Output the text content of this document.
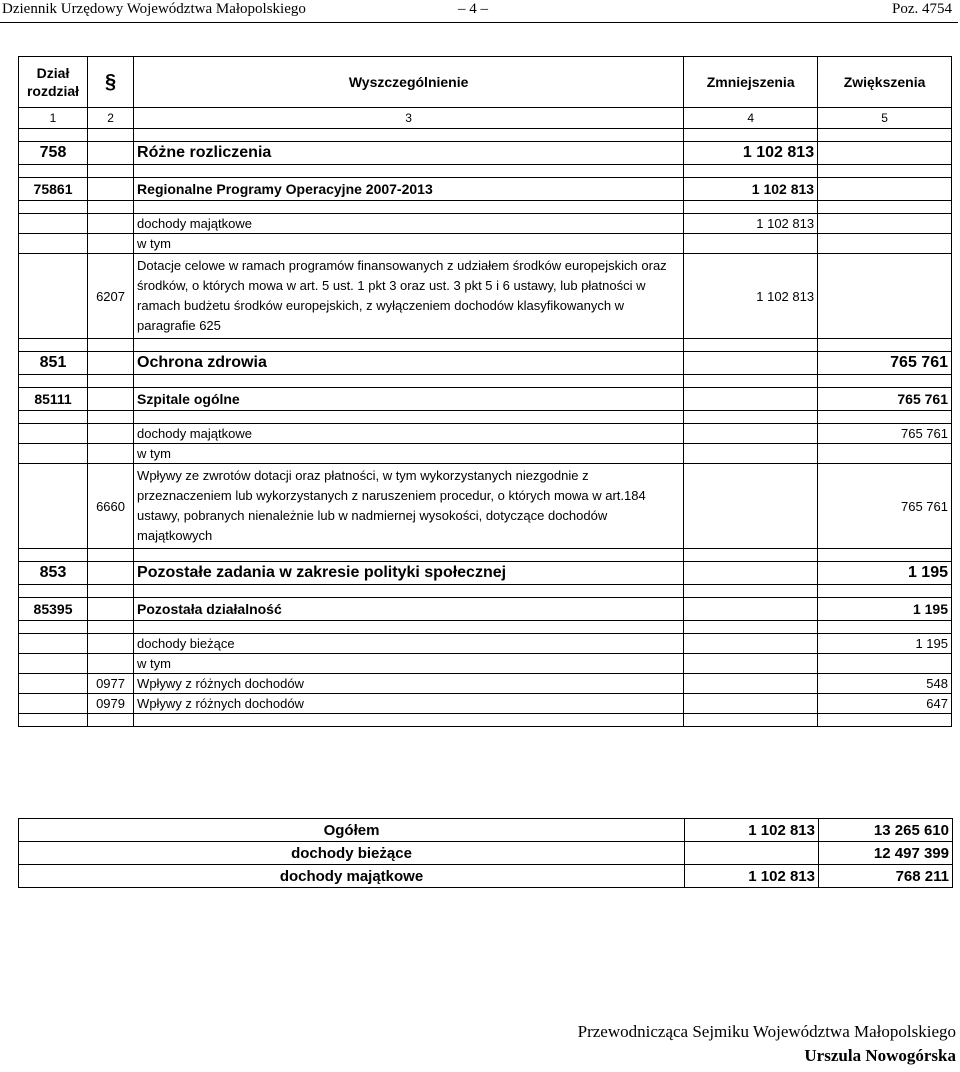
Dziennik Urzędowy Województwa Małopolskiego	– 4 –	Poz. 4754
Dział rozdział	§	Wyszczególnienie	Zmniejszenia	Zwiększenia
1	2	3	4	5

758		Różne rozliczenia	1 102 813	

75861		Regionalne Programy Operacyjne 2007-2013	1 102 813	

		dochody majątkowe	1 102 813	
		w tym		
	6207	Dotacje celowe w ramach programów finansowanych z udziałem środków europejskich oraz środków, o których mowa w art. 5 ust. 1 pkt 3 oraz ust. 3 pkt 5 i 6 ustawy, lub płatności w ramach budżetu środków europejskich, z wyłączeniem dochodów klasyfikowanych w paragrafie 625	1 102 813	

851		Ochrona zdrowia		765 761

85111		Szpitale ogólne		765 761

		dochody majątkowe		765 761
		w tym		
	6660	Wpływy ze zwrotów dotacji oraz płatności, w tym wykorzystanych niezgodnie z przeznaczeniem lub wykorzystanych z naruszeniem procedur, o których mowa w art.184 ustawy, pobranych nienależnie lub w nadmiernej wysokości, dotyczące dochodów majątkowych		765 761

853		Pozostałe zadania w zakresie polityki społecznej		1 195

85395		Pozostała działalność		1 195

		dochody bieżące		1 195
		w tym		
	0977	Wpływy z różnych dochodów		548
	0979	Wpływy z różnych dochodów		647

Ogółem	1 102 813	13 265 610
dochody bieżące		12 497 399
dochody majątkowe	1 102 813	768 211
Przewodnicząca Sejmiku Województwa Małopolskiego
Urszula Nowogórska
